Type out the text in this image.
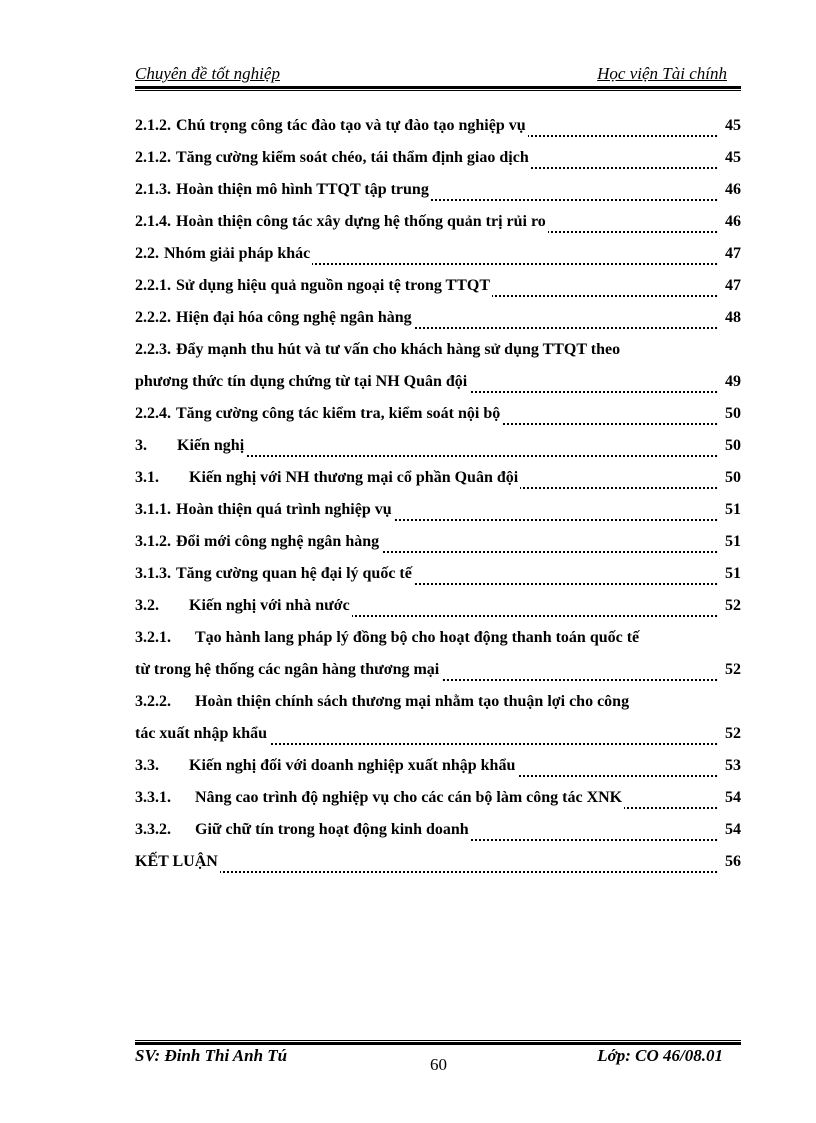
Chuyên đề tốt nghiệp	Học viện Tài chính
2.1.2. Chú trọng công tác đào tạo và tự đào tạo nghiệp vụ	45
2.1.2. Tăng cường kiểm soát chéo, tái thẩm định giao dịch	45
2.1.3. Hoàn thiện mô hình TTQT tập trung	46
2.1.4. Hoàn thiện công tác xây dựng hệ thống quản trị rủi ro	46
2.2. Nhóm giải pháp khác	47
2.2.1. Sử dụng hiệu quả nguồn ngoại tệ trong TTQT	47
2.2.2. Hiện đại hóa công nghệ ngân hàng	48
2.2.3. Đẩy mạnh thu hút và tư vấn cho khách hàng sử dụng TTQT theo
phương thức tín dụng chứng từ tại NH Quân đội	49
2.2.4. Tăng cường công tác kiểm tra, kiểm soát nội bộ	50
3. Kiến nghị	50
3.1. Kiến nghị với NH thương mại cổ phần Quân đội	50
3.1.1. Hoàn thiện quá trình nghiệp vụ	51
3.1.2. Đổi mới công nghệ ngân hàng	51
3.1.3. Tăng cường quan hệ đại lý quốc tế	51
3.2. Kiến nghị với nhà nước	52
3.2.1. Tạo hành lang pháp lý đồng bộ cho hoạt động thanh toán quốc tế
từ trong hệ thống các ngân hàng thương mại	52
3.2.2. Hoàn thiện chính sách thương mại nhằm tạo thuận lợi cho công
tác xuất nhập khẩu	52
3.3. Kiến nghị đối với doanh nghiệp xuất nhập khẩu	53
3.3.1. Nâng cao trình độ nghiệp vụ cho các cán bộ làm công tác XNK	54
3.3.2. Giữ chữ tín trong hoạt động kinh doanh	54
KẾT LUẬN	56
SV: Đinh Thi Anh Tú	60	Lớp: CO 46/08.01
